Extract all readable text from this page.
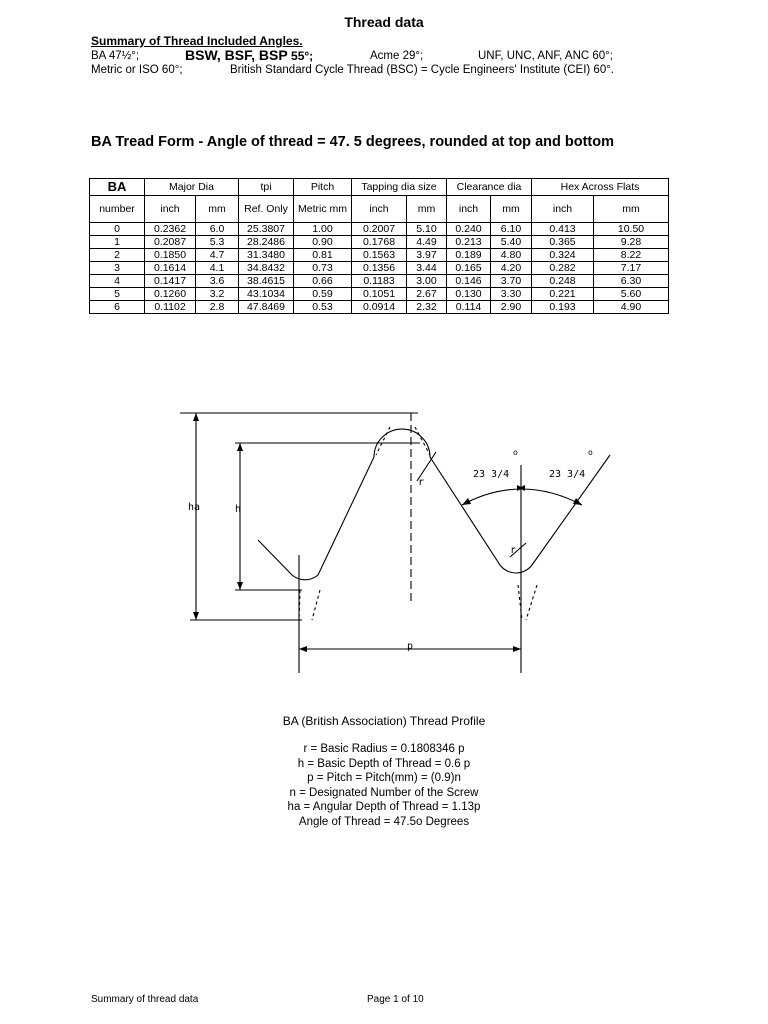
Thread data
Summary of Thread Included Angles.
BA 47½°;	BSW, BSF, BSP 55°;	Acme 29°;	UNF, UNC, ANF, ANC 60°;
Metric or ISO 60°;	British Standard Cycle Thread (BSC) = Cycle Engineers' Institute (CEI) 60°.
BA Tread Form - Angle of thread = 47. 5 degrees, rounded at top and bottom
BA	Major Dia		tpi	Pitch	Tapping dia size		Clearance dia		Hex Across Flats	
number	inch	mm	Ref. Only	Metric mm	inch	mm	inch	mm	inch	mm
0	0.2362	6.0	25.3807	1.00	0.2007	5.10	0.240	6.10	0.413	10.50
1	0.2087	5.3	28.2486	0.90	0.1768	4.49	0.213	5.40	0.365	9.28
2	0.1850	4.7	31.3480	0.81	0.1563	3.97	0.189	4.80	0.324	8.22
3	0.1614	4.1	34.8432	0.73	0.1356	3.44	0.165	4.20	0.282	7.17
4	0.1417	3.6	38.4615	0.66	0.1183	3.00	0.146	3.70	0.248	6.30
5	0.1260	3.2	43.1034	0.59	0.1051	2.67	0.130	3.30	0.221	5.60
6	0.1102	2.8	47.8469	0.53	0.0914	2.32	0.114	2.90	0.193	4.90
ha	h
r
r
p
23 3/4	23 3/4
o	o
BA (British Association) Thread Profile
r = Basic Radius = 0.1808346 p
h = Basic Depth of Thread = 0.6 p
p = Pitch = Pitch(mm) = (0.9)n
n = Designated Number of the Screw
ha = Angular Depth of Thread = 1.13p
Angle of Thread = 47.5o Degrees
Summary of thread data	Page 1 of 10
